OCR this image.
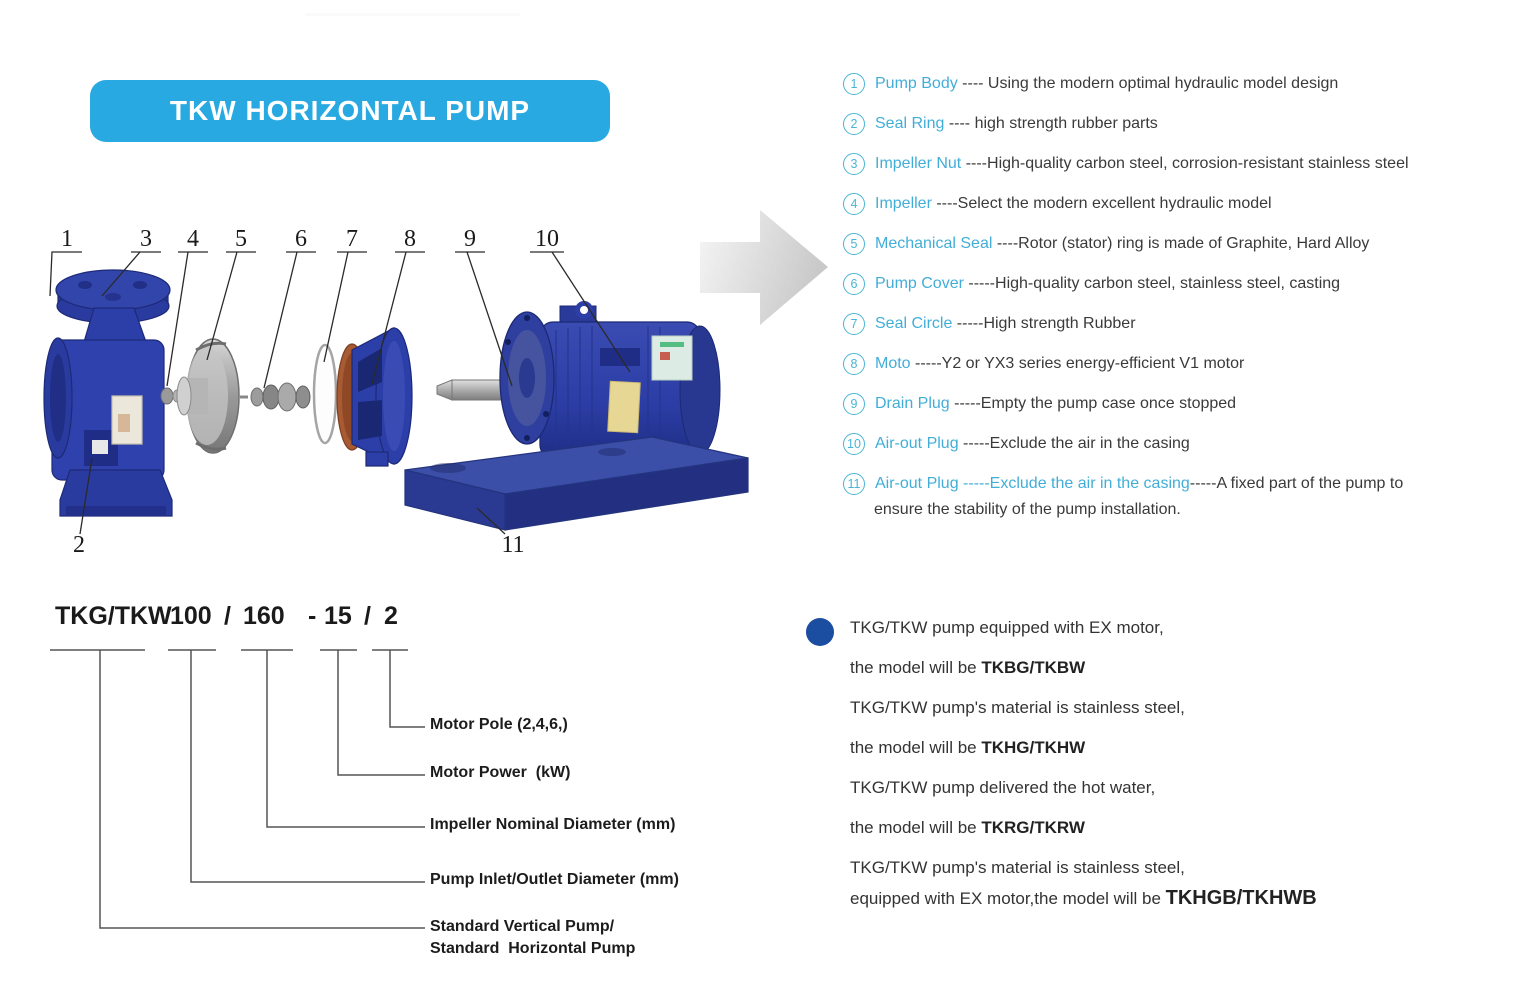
TKW HORIZONTAL PUMP
1	3 4 5 6 7 8 9 10
2	11
1	Pump Body ---- Using the modern optimal hydraulic model design
2	Seal Ring ---- high strength rubber parts
3	Impeller Nut ----High-quality carbon steel, corrosion-resistant stainless steel
4	Impeller ----Select the modern excellent hydraulic model
5	Mechanical Seal ----Rotor (stator) ring is made of Graphite, Hard Alloy
6	Pump Cover -----High-quality carbon steel, stainless steel, casting
7	Seal Circle -----High strength Rubber
8	Moto -----Y2 or YX3 series energy-efficient V1 motor
9	Drain Plug -----Empty the pump case once stopped
10 Air-out Plug -----Exclude the air in the casing
11 Air-out Plug -----Exclude the air in the casing -----A fixed part of the pump to
ensure the stability of the pump installation.
TKG/TKW
100 / 160 - 15 / 2
Motor Pole (2,4,6,)
Motor Power  (kW)
Impeller Nominal Diameter (mm)
Pump Inlet/Outlet Diameter (mm)
Standard Vertical Pump/
Standard  Horizontal Pump
TKG/TKW pump equipped with EX motor,
the model will be TKBG/TKBW
TKG/TKW pump's material is stainless steel,
the model will be TKHG/TKHW
TKG/TKW pump delivered the hot water,
the model will be TKRG/TKRW
TKG/TKW pump's material is stainless steel,
equipped with EX motor,the model will be TKHGB/TKHWB
